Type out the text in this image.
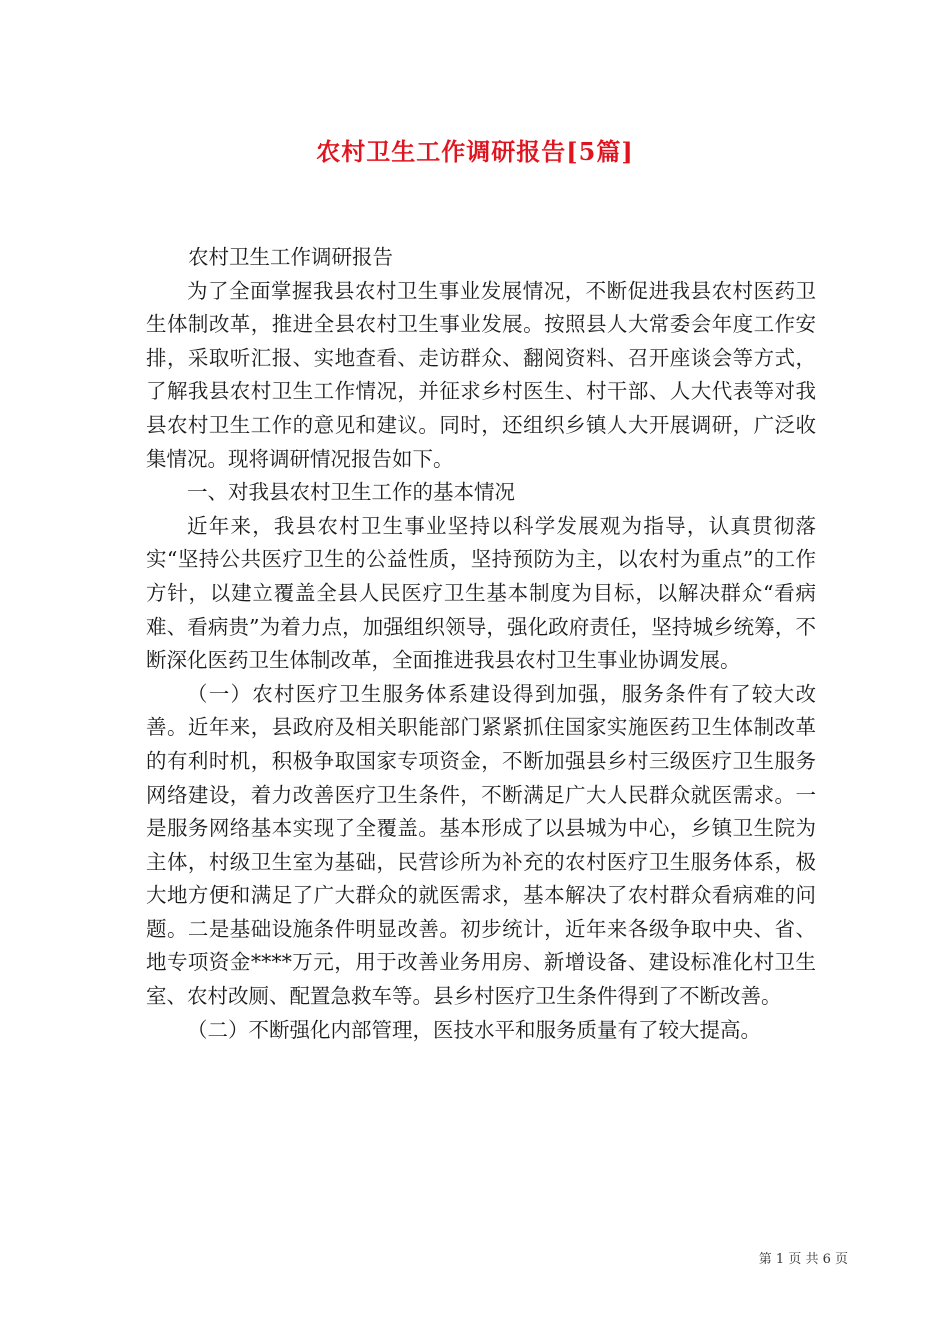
农村卫生工作调研报告[5篇]

农村卫生工作调研报告

为了全面掌握我县农村卫生事业发展情况，不断促进我县农村医药卫生体制改革，推进全县农村卫生事业发展。按照县人大常委会年度工作安排，采取听汇报、实地查看、走访群众、翻阅资料、召开座谈会等方式，了解我县农村卫生工作情况，并征求乡村医生、村干部、人大代表等对我县农村卫生工作的意见和建议。同时，还组织乡镇人大开展调研，广泛收集情况。现将调研情况报告如下。

一、对我县农村卫生工作的基本情况

近年来，我县农村卫生事业坚持以科学发展观为指导，认真贯彻落实“坚持公共医疗卫生的公益性质，坚持预防为主，以农村为重点”的工作方针，以建立覆盖全县人民医疗卫生基本制度为目标，以解决群众“看病难、看病贵”为着力点，加强组织领导，强化政府责任，坚持城乡统筹，不断深化医药卫生体制改革，全面推进我县农村卫生事业协调发展。

（一）农村医疗卫生服务体系建设得到加强，服务条件有了较大改善。近年来，县政府及相关职能部门紧紧抓住国家实施医药卫生体制改革的有利时机，积极争取国家专项资金，不断加强县乡村三级医疗卫生服务网络建设，着力改善医疗卫生条件，不断满足广大人民群众就医需求。一是服务网络基本实现了全覆盖。基本形成了以县城为中心，乡镇卫生院为主体，村级卫生室为基础，民营诊所为补充的农村医疗卫生服务体系，极大地方便和满足了广大群众的就医需求，基本解决了农村群众看病难的问题。二是基础设施条件明显改善。初步统计，近年来各级争取中央、省、地专项资金****万元，用于改善业务用房、新增设备、建设标准化村卫生室、农村改厕、配置急救车等。县乡村医疗卫生条件得到了不断改善。

（二）不断强化内部管理，医技水平和服务质量有了较大提高。

第 1 页 共 6 页
